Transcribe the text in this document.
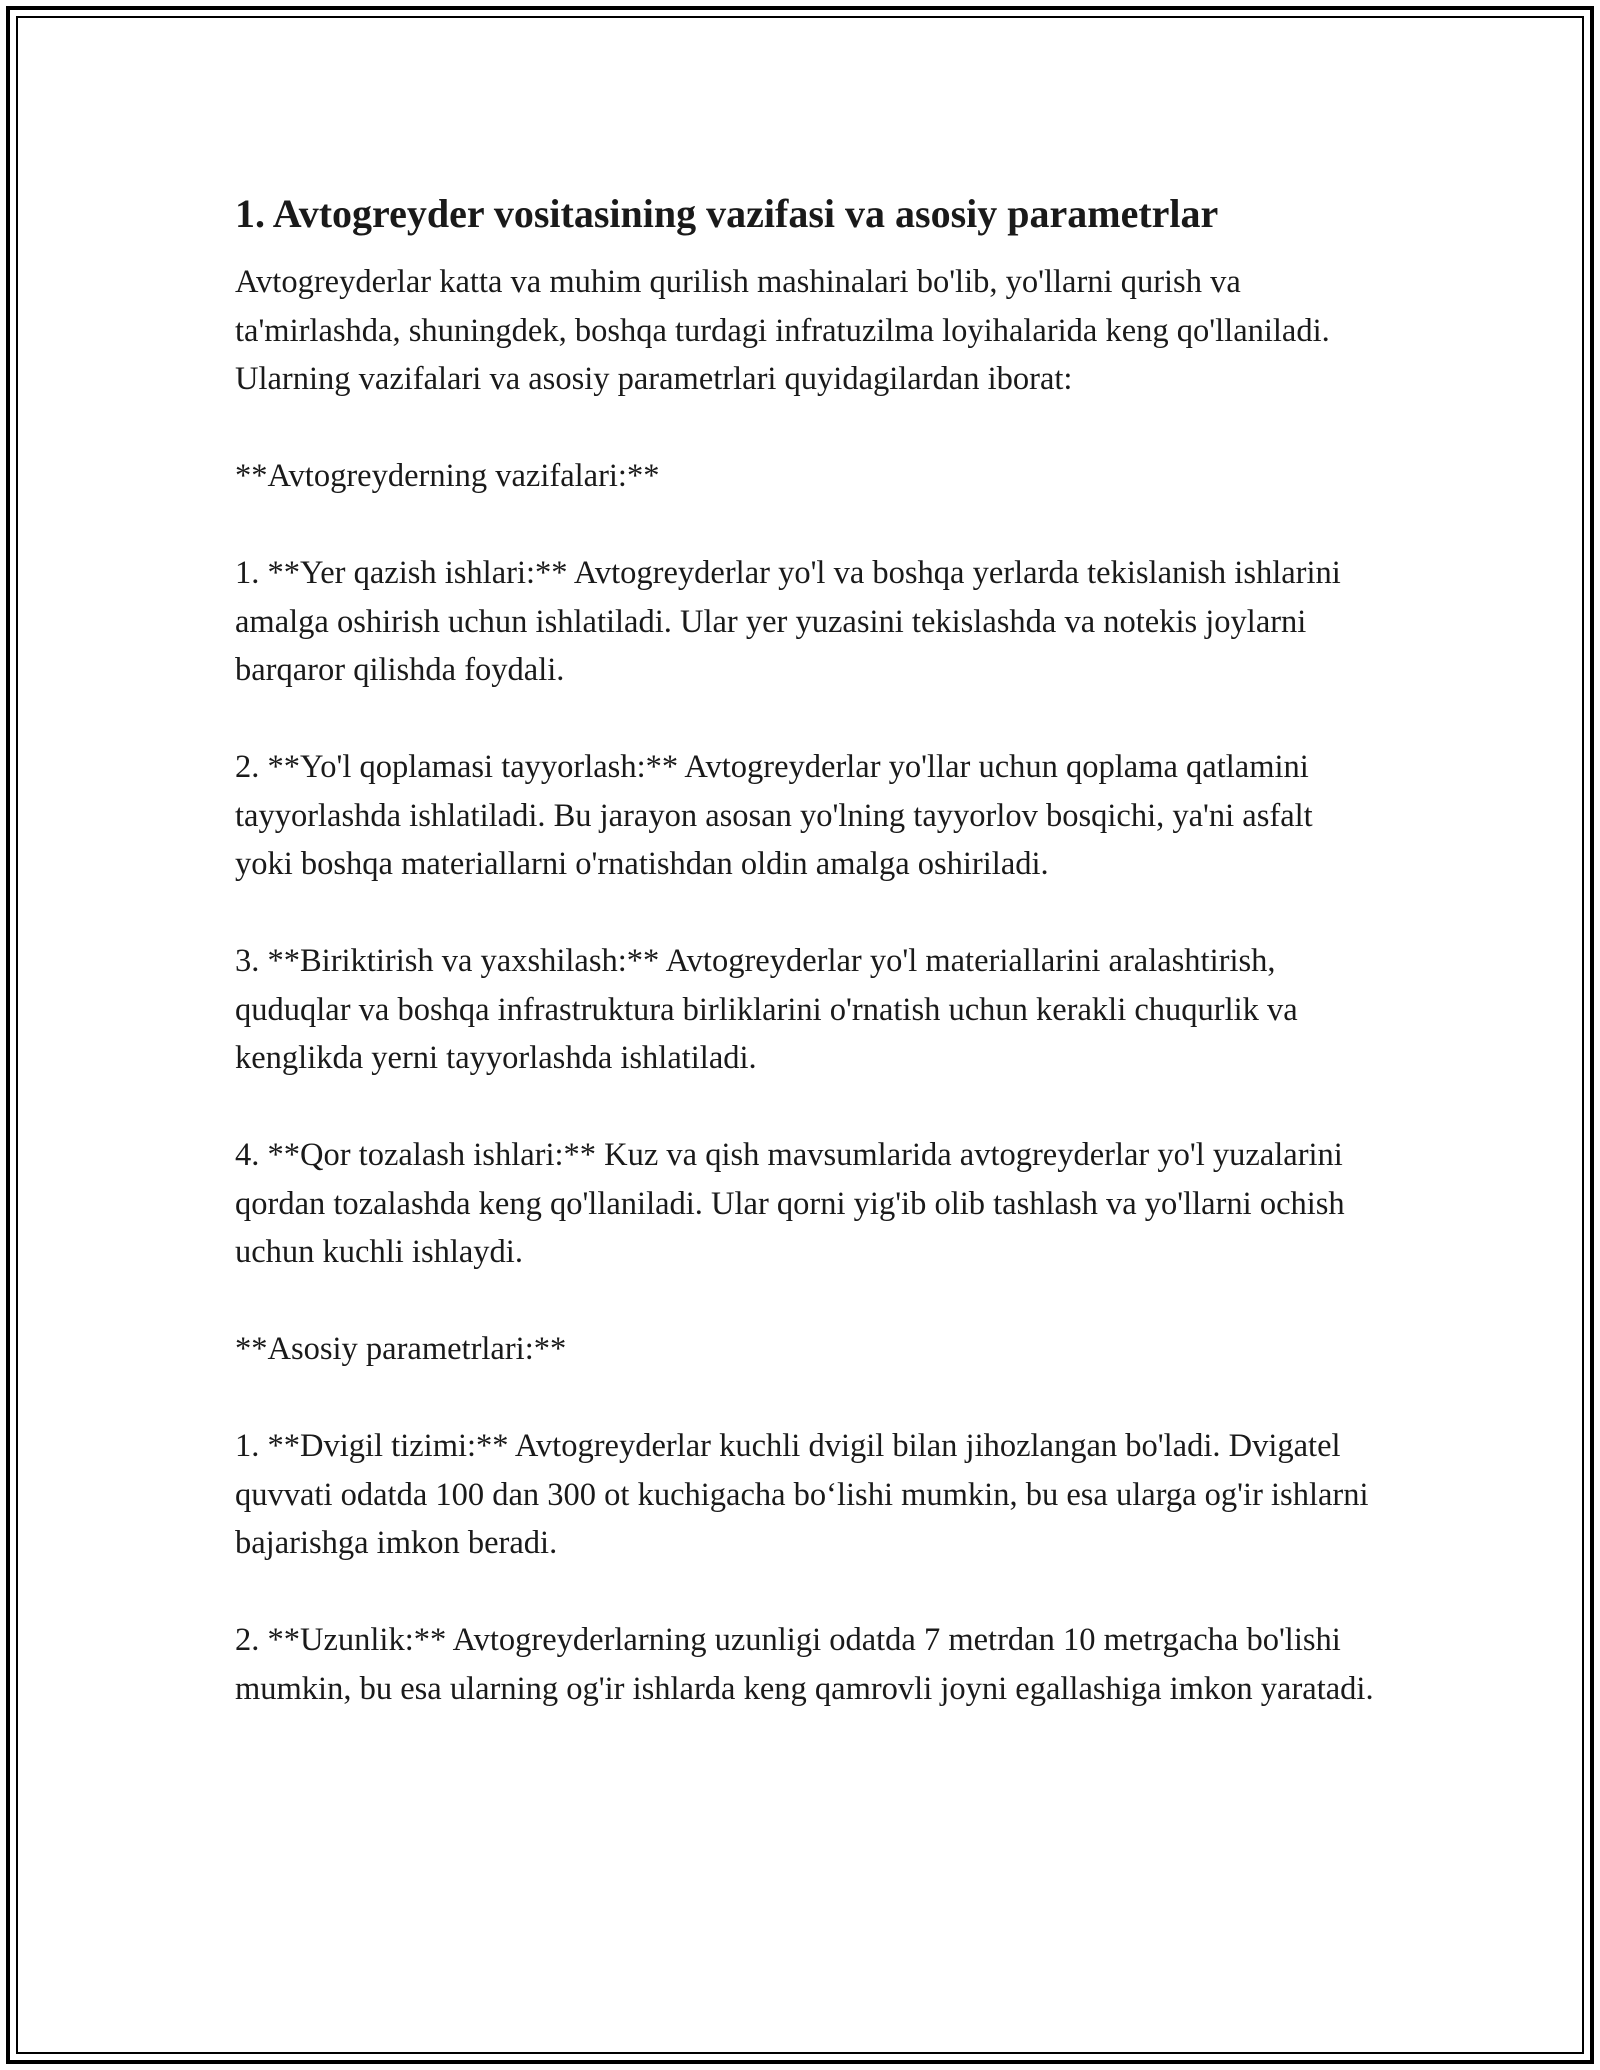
1. Avtogreyder vositasining vazifasi va asosiy parametrlar

Avtogreyderlar katta va muhim qurilish mashinalari bo'lib, yo'llarni qurish va ta'mirlashda, shuningdek, boshqa turdagi infratuzilma loyihalarida keng qo'llaniladi. Ularning vazifalari va asosiy parametrlari quyidagilardan iborat:

**Avtogreyderning vazifalari:**

1. **Yer qazish ishlari:** Avtogreyderlar yo'l va boshqa yerlarda tekislanish ishlarini amalga oshirish uchun ishlatiladi. Ular yer yuzasini tekislashda va notekis joylarni barqaror qilishda foydali.

2. **Yo'l qoplamasi tayyorlash:** Avtogreyderlar yo'llar uchun qoplama qatlamini tayyorlashda ishlatiladi. Bu jarayon asosan yo'lning tayyorlov bosqichi, ya'ni asfalt yoki boshqa materiallarni o'rnatishdan oldin amalga oshiriladi.

3. **Biriktirish va yaxshilash:** Avtogreyderlar yo'l materiallarini aralashtirish, quduqlar va boshqa infrastruktura birliklarini o'rnatish uchun kerakli chuqurlik va kenglikda yerni tayyorlashda ishlatiladi.

4. **Qor tozalash ishlari:** Kuz va qish mavsumlarida avtogreyderlar yo'l yuzalarini qordan tozalashda keng qo'llaniladi. Ular qorni yig'ib olib tashlash va yo'llarni ochish uchun kuchli ishlaydi.

**Asosiy parametrlari:**

1. **Dvigil tizimi:** Avtogreyderlar kuchli dvigil bilan jihozlangan bo'ladi. Dvigatel quvvati odatda 100 dan 300 ot kuchigacha bo‘lishi mumkin, bu esa ularga og'ir ishlarni bajarishga imkon beradi.

2. **Uzunlik:** Avtogreyderlarning uzunligi odatda 7 metrdan 10 metrgacha bo'lishi mumkin, bu esa ularning og'ir ishlarda keng qamrovli joyni egallashiga imkon yaratadi.
